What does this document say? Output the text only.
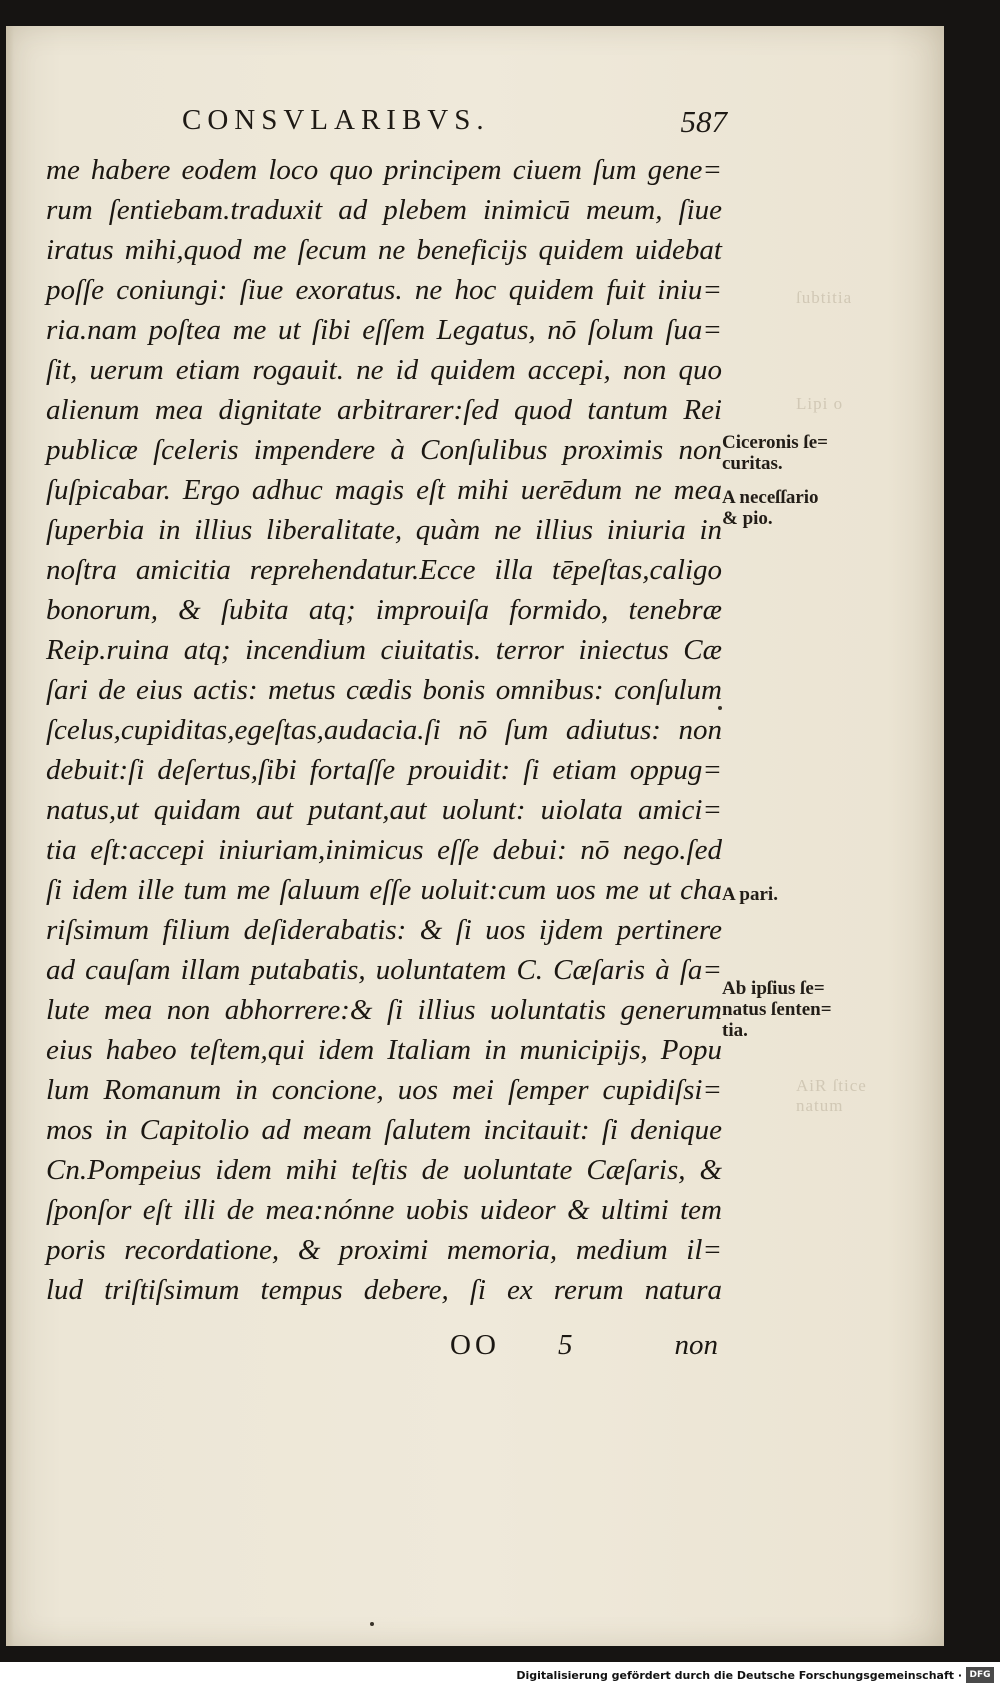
ſubtitia
Lipi o
AiR ſtice
natum
CONSVLARIBVS.	587
me habere eodem loco quo principem ciuem ſum gene=
rum ſentiebam.traduxit ad plebem inimicū meum, ſiue
iratus mihi,quod me ſecum ne beneficijs quidem uidebat
poſſe coniungi: ſiue exoratus. ne hoc quidem fuit iniu=
ria.nam poſtea me ut ſibi eſſem Legatus, nō ſolum ſua=
ſit, uerum etiam rogauit. ne id quidem accepi, non quo
alienum mea dignitate arbitrarer:ſed quod tantum Rei
publicæ ſceleris impendere à Conſulibus proximis non
ſuſpicabar. Ergo adhuc magis eſt mihi uerēdum ne mea
ſuperbia in illius liberalitate, quàm ne illius iniuria in
noſtra amicitia reprehendatur.Ecce illa tēpeſtas,caligo
bonorum, & ſubita atq; improuiſa formido, tenebræ
Reip.ruina atq; incendium ciuitatis. terror iniectus Cæ
ſari de eius actis: metus cædis bonis omnibus: conſulum
ſcelus,cupiditas,egeſtas,audacia.ſi nō ſum adiutus: non
debuit:ſi deſertus,ſibi fortaſſe prouidit: ſi etiam oppug=
natus,ut quidam aut putant,aut uolunt: uiolata amici=
tia eſt:accepi iniuriam,inimicus eſſe debui: nō nego.ſed
ſi idem ille tum me ſaluum eſſe uoluit:cum uos me ut cha
riſsimum filium deſiderabatis: & ſi uos iјdem pertinere
ad cauſam illam putabatis, uoluntatem C. Cæſaris à ſa=
lute mea non abhorrere:& ſi illius uoluntatis generum
eius habeo teſtem,qui idem Italiam in municipijs, Popu
lum Romanum in concione, uos mei ſemper cupidiſsi=
mos in Capitolio ad meam ſalutem incitauit: ſi denique
Cn.Pompeius idem mihi teſtis de uoluntate Cæſaris, &
ſponſor eſt illi de mea:nónne uobis uideor & ultimi tem
poris recordatione, & proximi memoria, medium il=
lud triſtiſsimum tempus debere, ſi ex rerum natura
OO 5	non
Ciceronis ſe=
curitas.
A neceſſario
& pio.
A pari.
Ab ipſius ſe=
natus ſenten=
tia.
Digitalisierung gefördert durch die Deutsche Forschungsgemeinschaft · DFG
